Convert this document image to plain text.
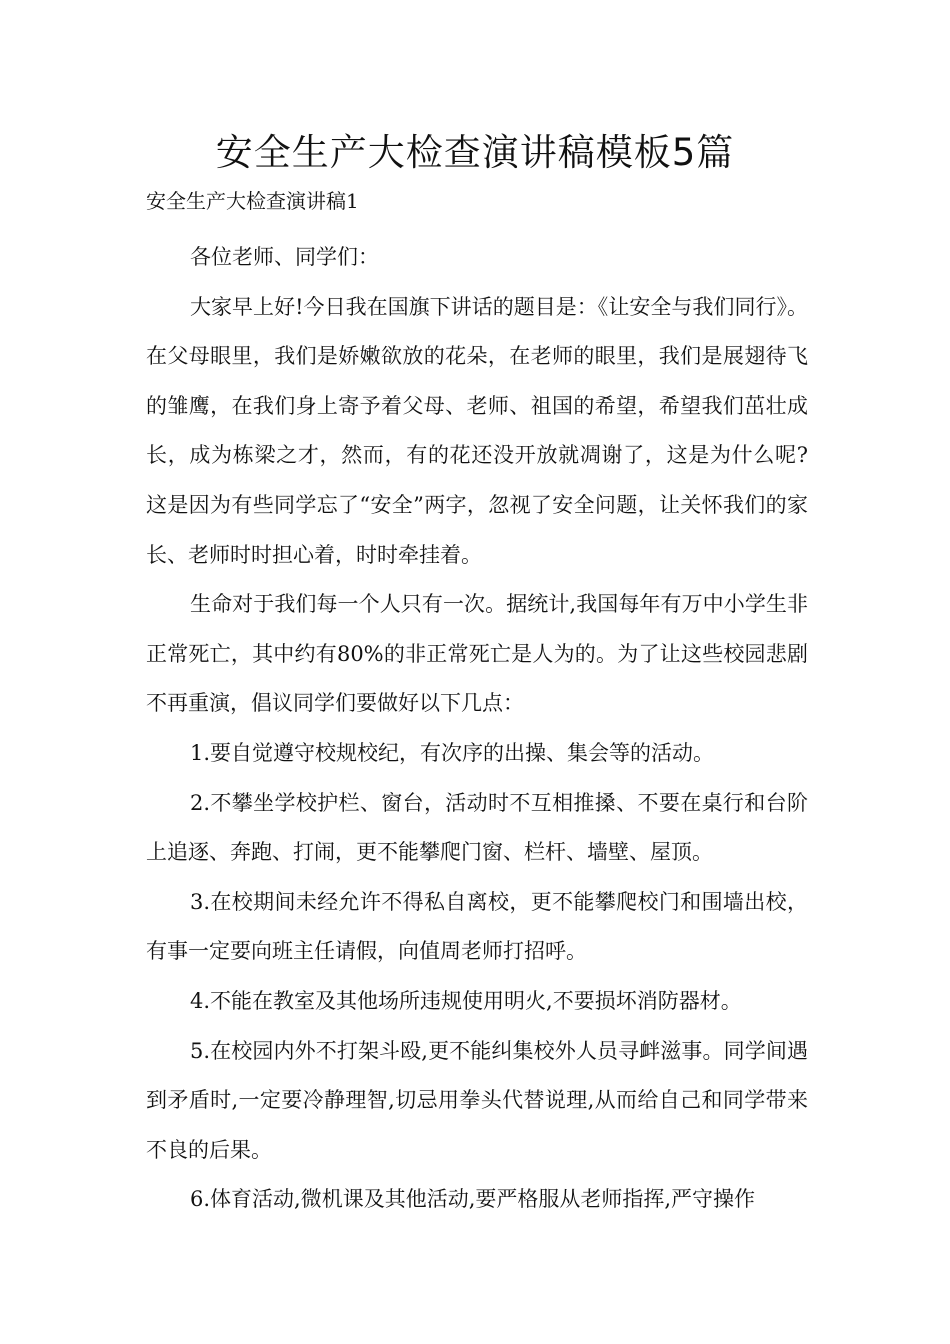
安全生产大检查演讲稿模板5篇

安全生产大检查演讲稿1

各位老师、同学们：

大家早上好!今日我在国旗下讲话的题目是：《让安全与我们同行》。 在父母眼里，我们是娇嫩欲放的花朵，在老师的眼里，我们是展翅待飞的雏鹰，在我们身上寄予着父母、老师、祖国的希望，希望我们茁壮成长，成为栋梁之才，然而，有的花还没开放就凋谢了，这是为什么呢?这是因为有些同学忘了“安全”两字，忽视了安全问题，让关怀我们的家长、老师时时担心着，时时牵挂着。

生命对于我们每一个人只有一次。据统计,我国每年有万中小学生非正常死亡，其中约有80%的非正常死亡是人为的。为了让这些校园悲剧不再重演，倡议同学们要做好以下几点：

1.要自觉遵守校规校纪，有次序的出操、集会等的活动。

2.不攀坐学校护栏、窗台，活动时不互相推搡、不要在桌行和台阶上追逐、奔跑、打闹，更不能攀爬门窗、栏杆、墙壁、屋顶。

3.在校期间未经允许不得私自离校，更不能攀爬校门和围墙出校，有事一定要向班主任请假，向值周老师打招呼。

4.不能在教室及其他场所违规使用明火,不要损坏消防器材。

5.在校园内外不打架斗殴,更不能纠集校外人员寻衅滋事。同学间遇到矛盾时,一定要冷静理智,切忌用拳头代替说理,从而给自己和同学带来不良的后果。

6.体育活动,微机课及其他活动,要严格服从老师指挥,严守操作
